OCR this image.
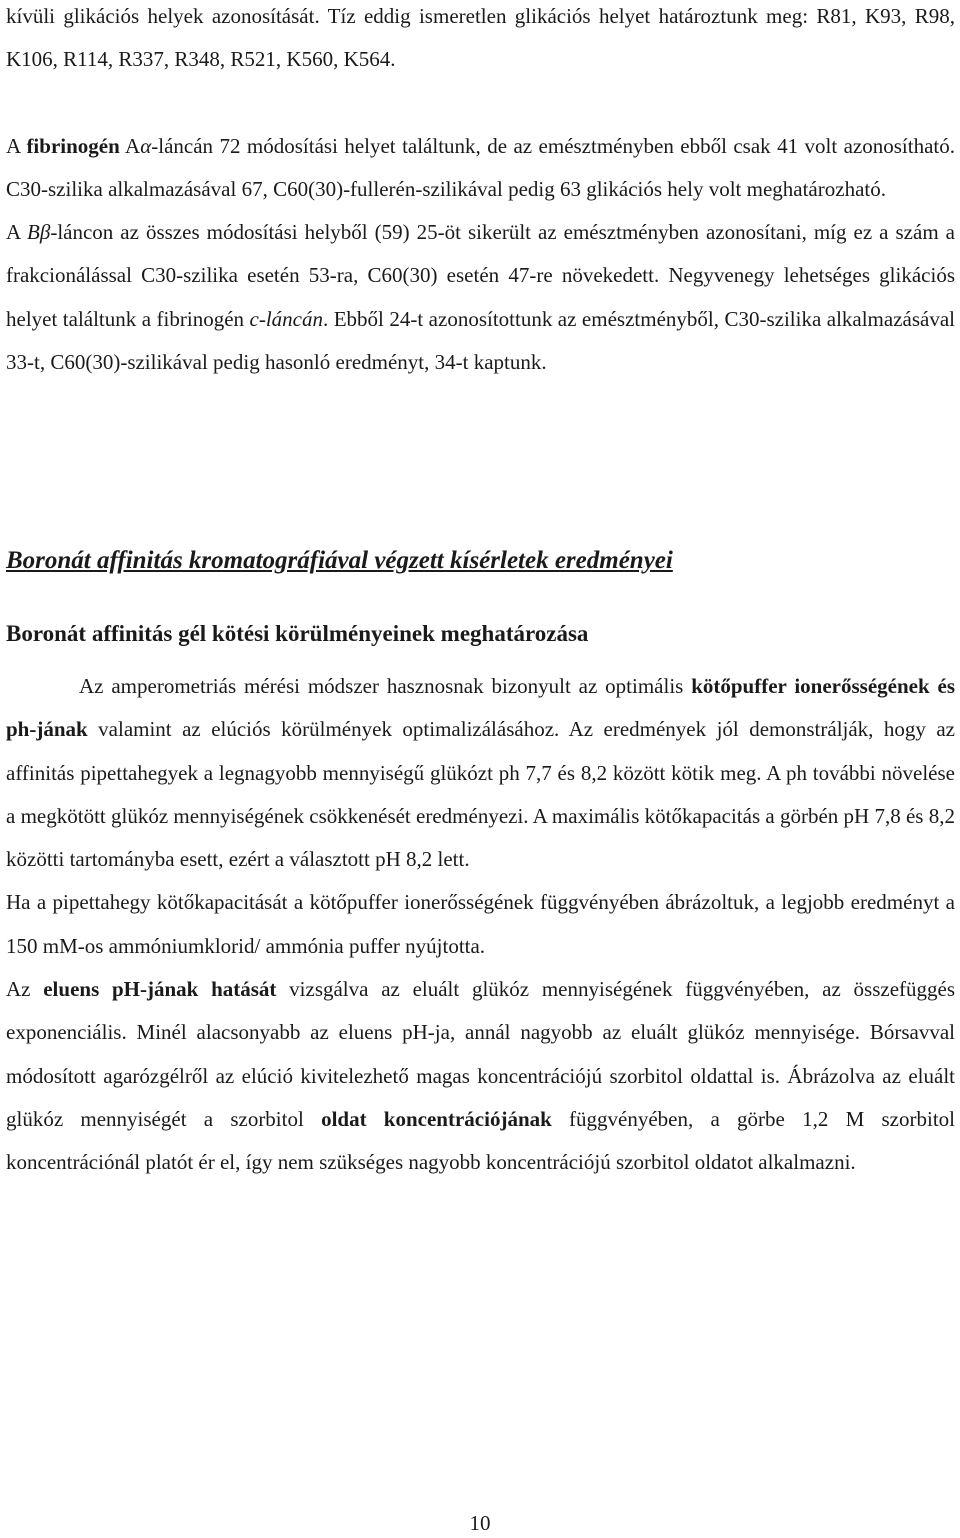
kívüli glikációs helyek azonosítását. Tíz eddig ismeretlen glikációs helyet határoztunk meg: R81, K93, R98, K106, R114, R337, R348, R521, K560, K564.

A fibrinogén Aα-láncán 72 módosítási helyet találtunk, de az emésztményben ebből csak 41 volt azonosítható. C30-szilika alkalmazásával 67, C60(30)-fullerén-szilikával pedig 63 glikációs hely volt meghatározható.

A Bβ-láncon az összes módosítási helyből (59) 25-öt sikerült az emésztményben azonosítani, míg ez a szám a frakcionálással C30-szilika esetén 53-ra, C60(30) esetén 47-re növekedett. Negyvenegy lehetséges glikációs helyet találtunk a fibrinogén c-láncán. Ebből 24-t azonosítottunk az emésztményből, C30-szilika alkalmazásával 33-t, C60(30)-szilikával pedig hasonló eredményt, 34-t kaptunk.

Boronát affinitás kromatográfiával végzett kísérletek eredményei
Boronát affinitás gél kötési körülményeinek meghatározása

Az amperometriás mérési módszer hasznosnak bizonyult az optimális kötőpuffer ionerősségének és ph-jának valamint az elúciós körülmények optimalizálásához. Az eredmények jól demonstrálják, hogy az affinitás pipettahegyek a legnagyobb mennyiségű glükózt ph 7,7 és 8,2 között kötik meg. A ph további növelése a megkötött glükóz mennyiségének csökkenését eredményezi. A maximális kötőkapacitás a görbén pH 7,8 és 8,2 közötti tartományba esett, ezért a választott pH 8,2 lett.

Ha a pipettahegy kötőkapacitását a kötőpuffer ionerősségének függvényében ábrázoltuk, a legjobb eredményt a 150 mM-os ammóniumklorid/ ammónia puffer nyújtotta.

Az eluens pH-jának hatását vizsgálva az eluált glükóz mennyiségének függvényében, az összefüggés exponenciális. Minél alacsonyabb az eluens pH-ja, annál nagyobb az eluált glükóz mennyisége. Bórsavval módosított agarózgélről az elúció kivitelezhető magas koncentrációjú szorbitol oldattal is. Ábrázolva az eluált glükóz mennyiségét a szorbitol oldat koncentrációjának függvényében, a görbe 1,2 M szorbitol koncentrációnál platót ér el, így nem szükséges nagyobb koncentrációjú szorbitol oldatot alkalmazni.

10
